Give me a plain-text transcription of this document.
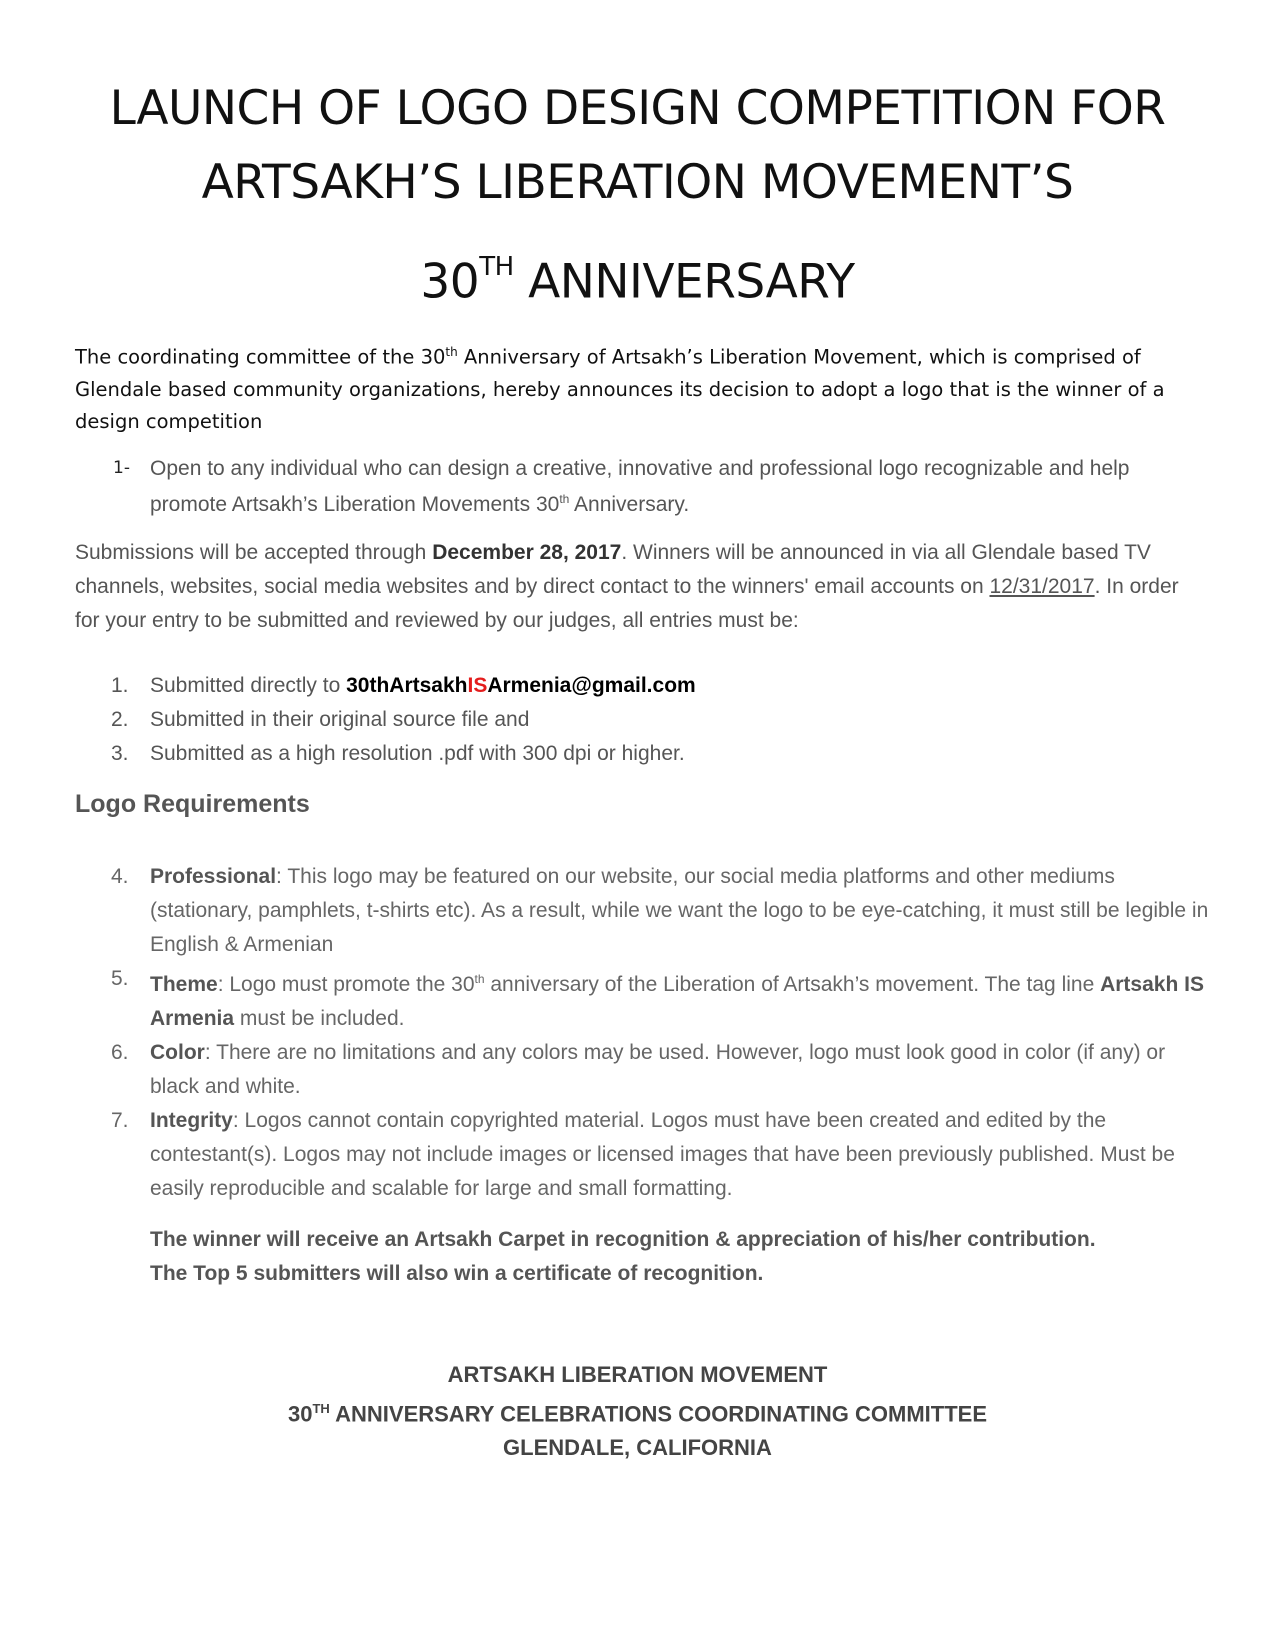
LAUNCH OF LOGO DESIGN COMPETITION FOR
ARTSAKH’S LIBERATION MOVEMENT’S
30TH ANNIVERSARY
The coordinating committee of the 30th Anniversary of Artsakh’s Liberation Movement, which is comprised of Glendale based community organizations, hereby announces its decision to adopt a logo that is the winner of a design competition
1- Open to any individual who can design a creative, innovative and professional logo recognizable and help promote Artsakh’s Liberation Movements 30th Anniversary.
Submissions will be accepted through December 28, 2017. Winners will be announced in via all Glendale based TV channels, websites, social media websites and by direct contact to the winners' email accounts on 12/31/2017. In order for your entry to be submitted and reviewed by our judges, all entries must be:
1.	Submitted directly to 30thArtsakhISArmenia@gmail.com
2.	Submitted in their original source file and
3.	Submitted as a high resolution .pdf with 300 dpi or higher.
Logo Requirements
4. Professional: This logo may be featured on our website, our social media platforms and other mediums (stationary, pamphlets, t-shirts etc). As a result, while we want the logo to be eye-catching, it must still be legible in English & Armenian
5. Theme: Logo must promote the 30th anniversary of the Liberation of Artsakh’s movement. The tag line Artsakh IS Armenia must be included.
6. Color: There are no limitations and any colors may be used. However, logo must look good in color (if any) or black and white.
7. Integrity: Logos cannot contain copyrighted material. Logos must have been created and edited by the contestant(s). Logos may not include images or licensed images that have been previously published. Must be easily reproducible and scalable for large and small formatting.
The winner will receive an Artsakh Carpet in recognition & appreciation of his/her contribution.
The Top 5 submitters will also win a certificate of recognition.
ARTSAKH LIBERATION MOVEMENT
30TH ANNIVERSARY CELEBRATIONS COORDINATING COMMITTEE
GLENDALE, CALIFORNIA
